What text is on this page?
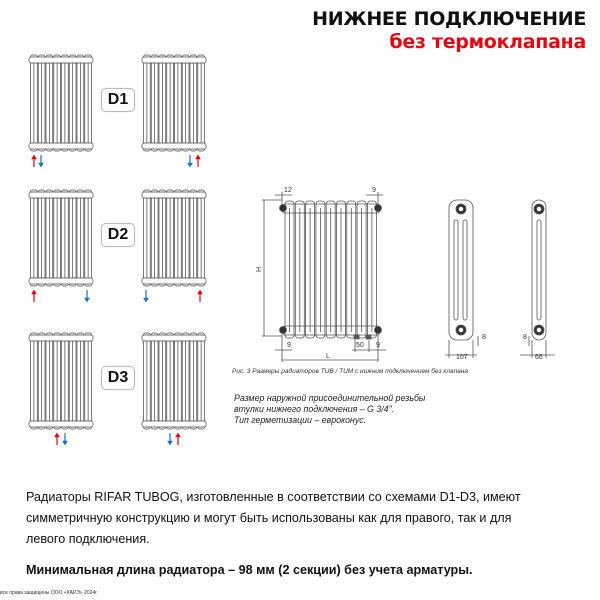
НИЖНЕЕ ПОДКЛЮЧЕНИЕ
без термоклапана
D1
D2
D3
12	9
H
9	50 9
L	107
8
66
8
Рис. 3 Размеры радиаторов TUB / TUM с нижним подключением без клапана
Размер наружной присоединительной резьбы
втулки нижнего подключения – G 3/4''.
Тип герметизации – евроконус.
Радиаторы RIFAR TUBOG, изготовленные в соответствии со схемами D1-D3, имеют симметричную конструкцию и могут быть использованы как для правого, так и для левого подключения.
Минимальная длина радиатора – 98 мм (2 секции) без учета арматуры.
все права защищены ООО «КАРЭ» 2024г.
